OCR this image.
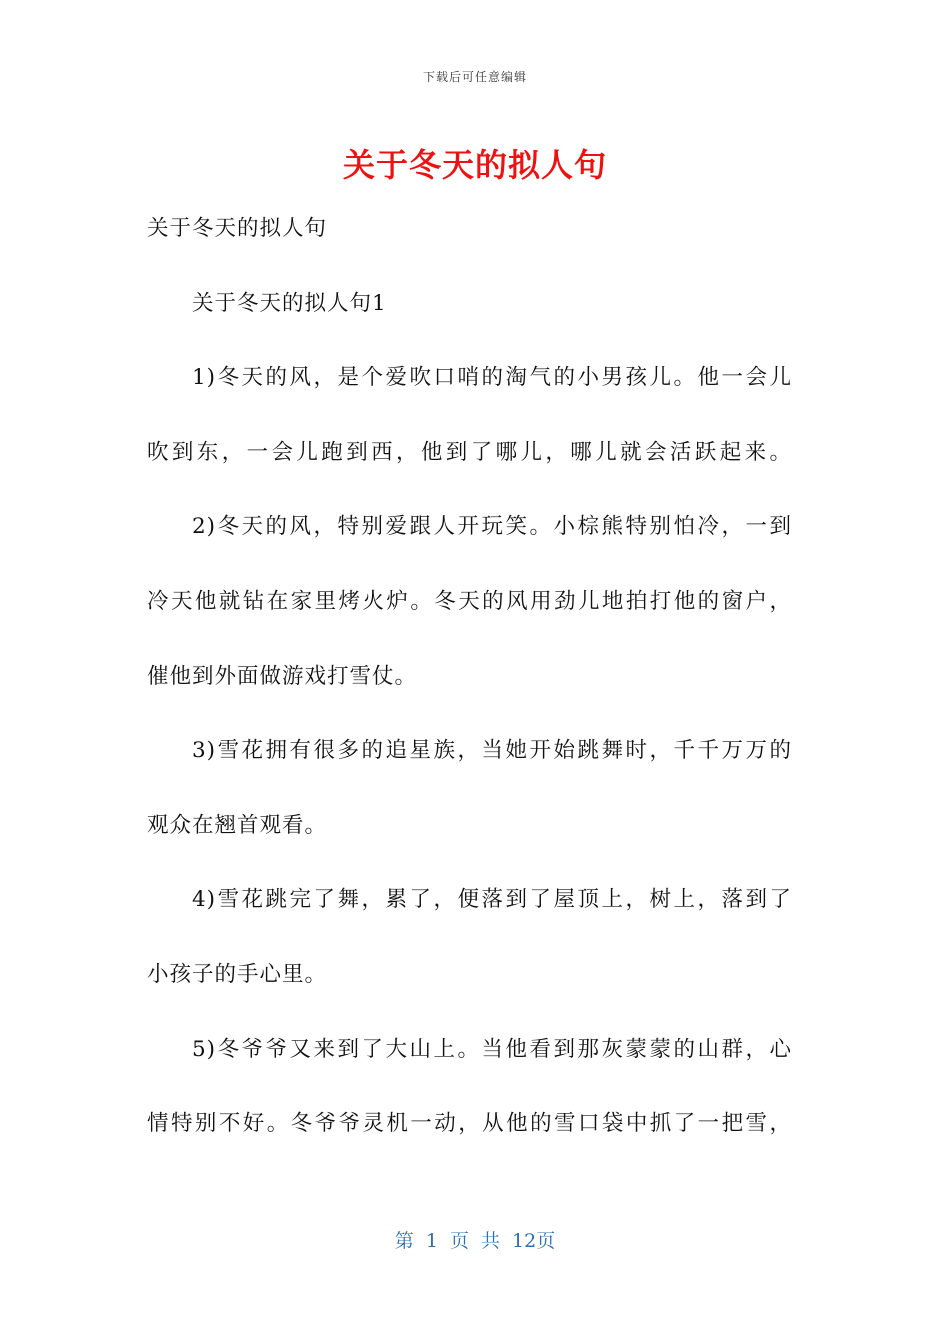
下载后可任意编辑
关于冬天的拟人句
关于冬天的拟人句
关于冬天的拟人句1
1)冬天的风，是个爱吹口哨的淘气的小男孩儿。他一会儿
吹到东，一会儿跑到西，他到了哪儿，哪儿就会活跃起来。
2)冬天的风，特别爱跟人开玩笑。小棕熊特别怕冷，一到
冷天他就钻在家里烤火炉。冬天的风用劲儿地拍打他的窗户，
催他到外面做游戏打雪仗。
3)雪花拥有很多的追星族，当她开始跳舞时，千千万万的
观众在翘首观看。
4)雪花跳完了舞，累了，便落到了屋顶上，树上，落到了
小孩子的手心里。
5)冬爷爷又来到了大山上。当他看到那灰蒙蒙的山群，心
情特别不好。冬爷爷灵机一动，从他的雪口袋中抓了一把雪，
第 1 页 共 12页
